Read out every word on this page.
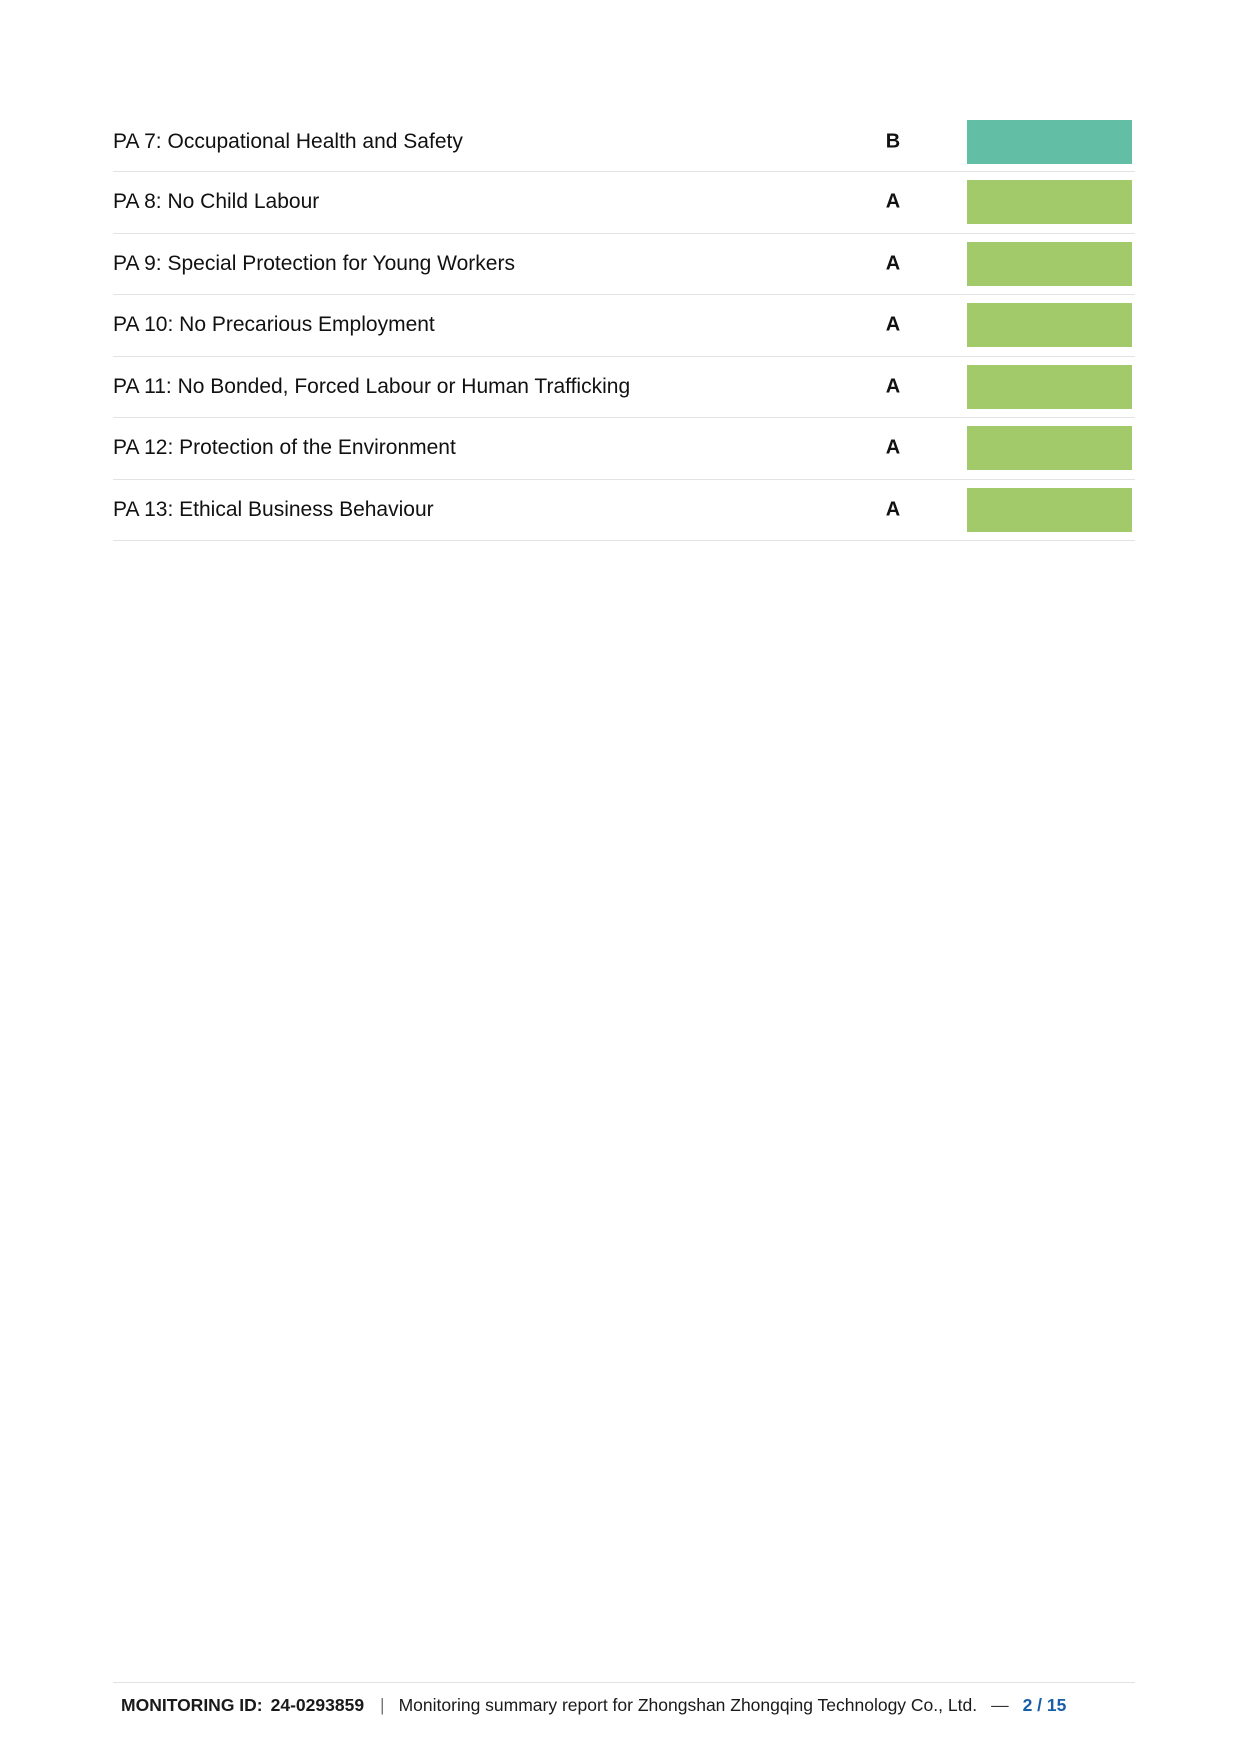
PA 7: Occupational Health and Safety	B
PA 8: No Child Labour	A
PA 9: Special Protection for Young Workers	A
PA 10: No Precarious Employment	A
PA 11: No Bonded, Forced Labour or Human Trafficking	A
PA 12: Protection of the Environment	A
PA 13: Ethical Business Behaviour	A
MONITORING ID: 24-0293859 | Monitoring summary report for Zhongshan Zhongqing Technology Co., Ltd. — 2 / 15
